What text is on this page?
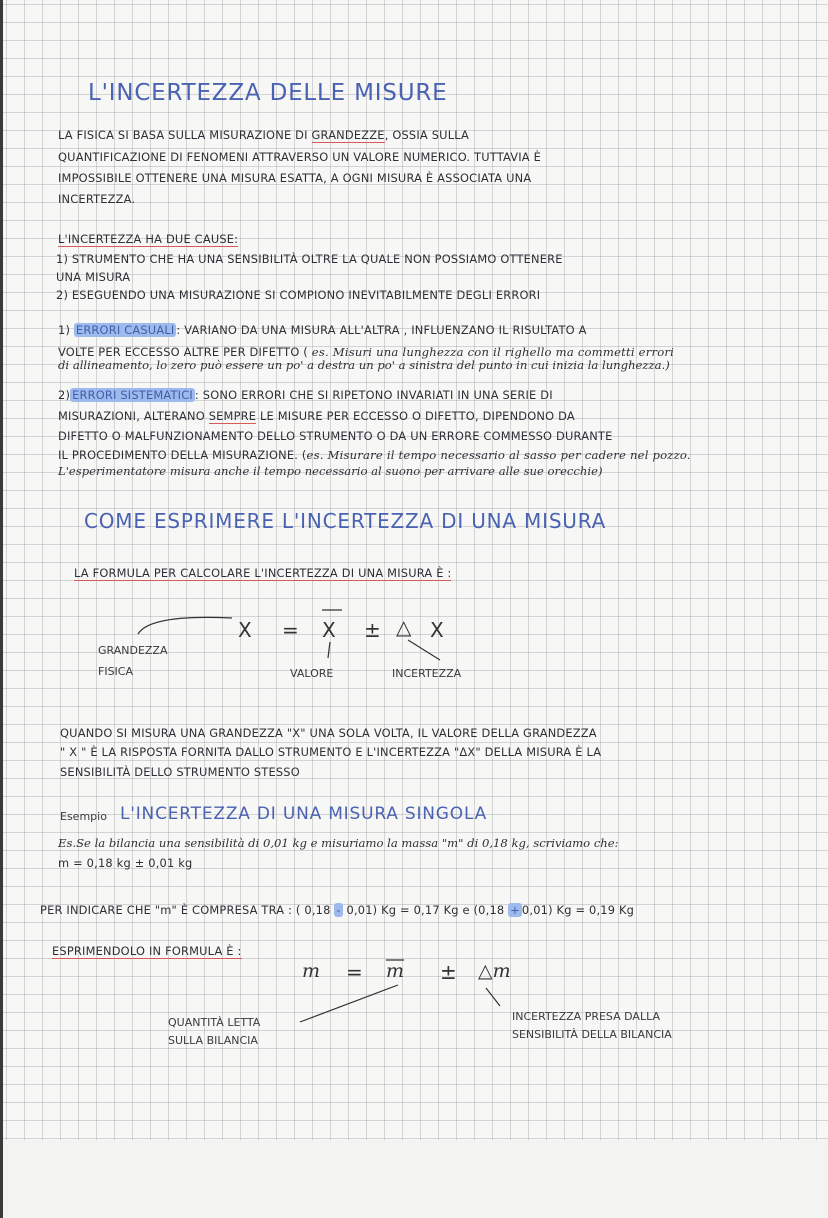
L'INCERTEZZA DELLE MISURE
LA FISICA SI BASA SULLA MISURAZIONE DI GRANDEZZE, OSSIA SULLA
QUANTIFICAZIONE DI FENOMENI ATTRAVERSO UN VALORE NUMERICO. TUTTAVIA È
IMPOSSIBILE OTTENERE UNA MISURA ESATTA, A OGNI MISURA È ASSOCIATA UNA
INCERTEZZA.
L'INCERTEZZA HA DUE CAUSE:
1) STRUMENTO CHE HA UNA SENSIBILITÀ OLTRE LA QUALE NON POSSIAMO OTTENERE
UNA MISURA
2) ESEGUENDO UNA MISURAZIONE SI COMPIONO INEVITABILMENTE DEGLI ERRORI
1) ERRORI CASUALI : VARIANO DA UNA MISURA ALL'ALTRA , INFLUENZANO IL RISULTATO A
VOLTE PER ECCESSO ALTRE PER DIFETTO ( es. Misuri una lunghezza con il righello ma commetti errori
di allineamento, lo zero può essere un po' a destra un po' a sinistra del punto in cui inizia la lunghezza.)
2) ERRORI SISTEMATICI : SONO ERRORI CHE SI RIPETONO INVARIATI IN UNA SERIE DI
MISURAZIONI, ALTERANO SEMPRE LE MISURE PER ECCESSO O DIFETTO, DIPENDONO DA
DIFETTO O MALFUNZIONAMENTO DELLO STRUMENTO O DA UN ERRORE COMMESSO DURANTE
IL PROCEDIMENTO DELLA MISURAZIONE. (es. Misurare il tempo necessario al sasso per cadere nel pozzo.
L'esperimentatore misura anche il tempo necessario al suono per arrivare alle sue orecchie)
COME ESPRIMERE L'INCERTEZZA DI UNA MISURA
LA FORMULA PER CALCOLARE L'INCERTEZZA DI UNA MISURA È :
X = X ± △ X
GRANDEZZA
FISICA	VALORE	INCERTEZZA
QUANDO SI MISURA UNA GRANDEZZA "X" UNA SOLA VOLTA, IL VALORE DELLA GRANDEZZA
" X " È LA RISPOSTA FORNITA DALLO STRUMENTO E L'INCERTEZZA "ΔX" DELLA MISURA È LA
SENSIBILITÀ DELLO STRUMENTO STESSO
Esempio L'INCERTEZZA DI UNA MISURA SINGOLA
Es.Se la bilancia una sensibilità di 0,01 kg e misuriamo la massa "m" di 0,18 kg, scriviamo che:
m = 0,18 kg ± 0,01 kg
PER INDICARE CHE "m" È COMPRESA TRA : ( 0,18 - 0,01) Kg = 0,17 Kg e (0,18 + 0,01) Kg = 0,19 Kg
ESPRIMENDOLO IN FORMULA È :
m = m ± △m
QUANTITÀ LETTA
SULLA BILANCIA
INCERTEZZA PRESA DALLA
SENSIBILITÀ DELLA BILANCIA
